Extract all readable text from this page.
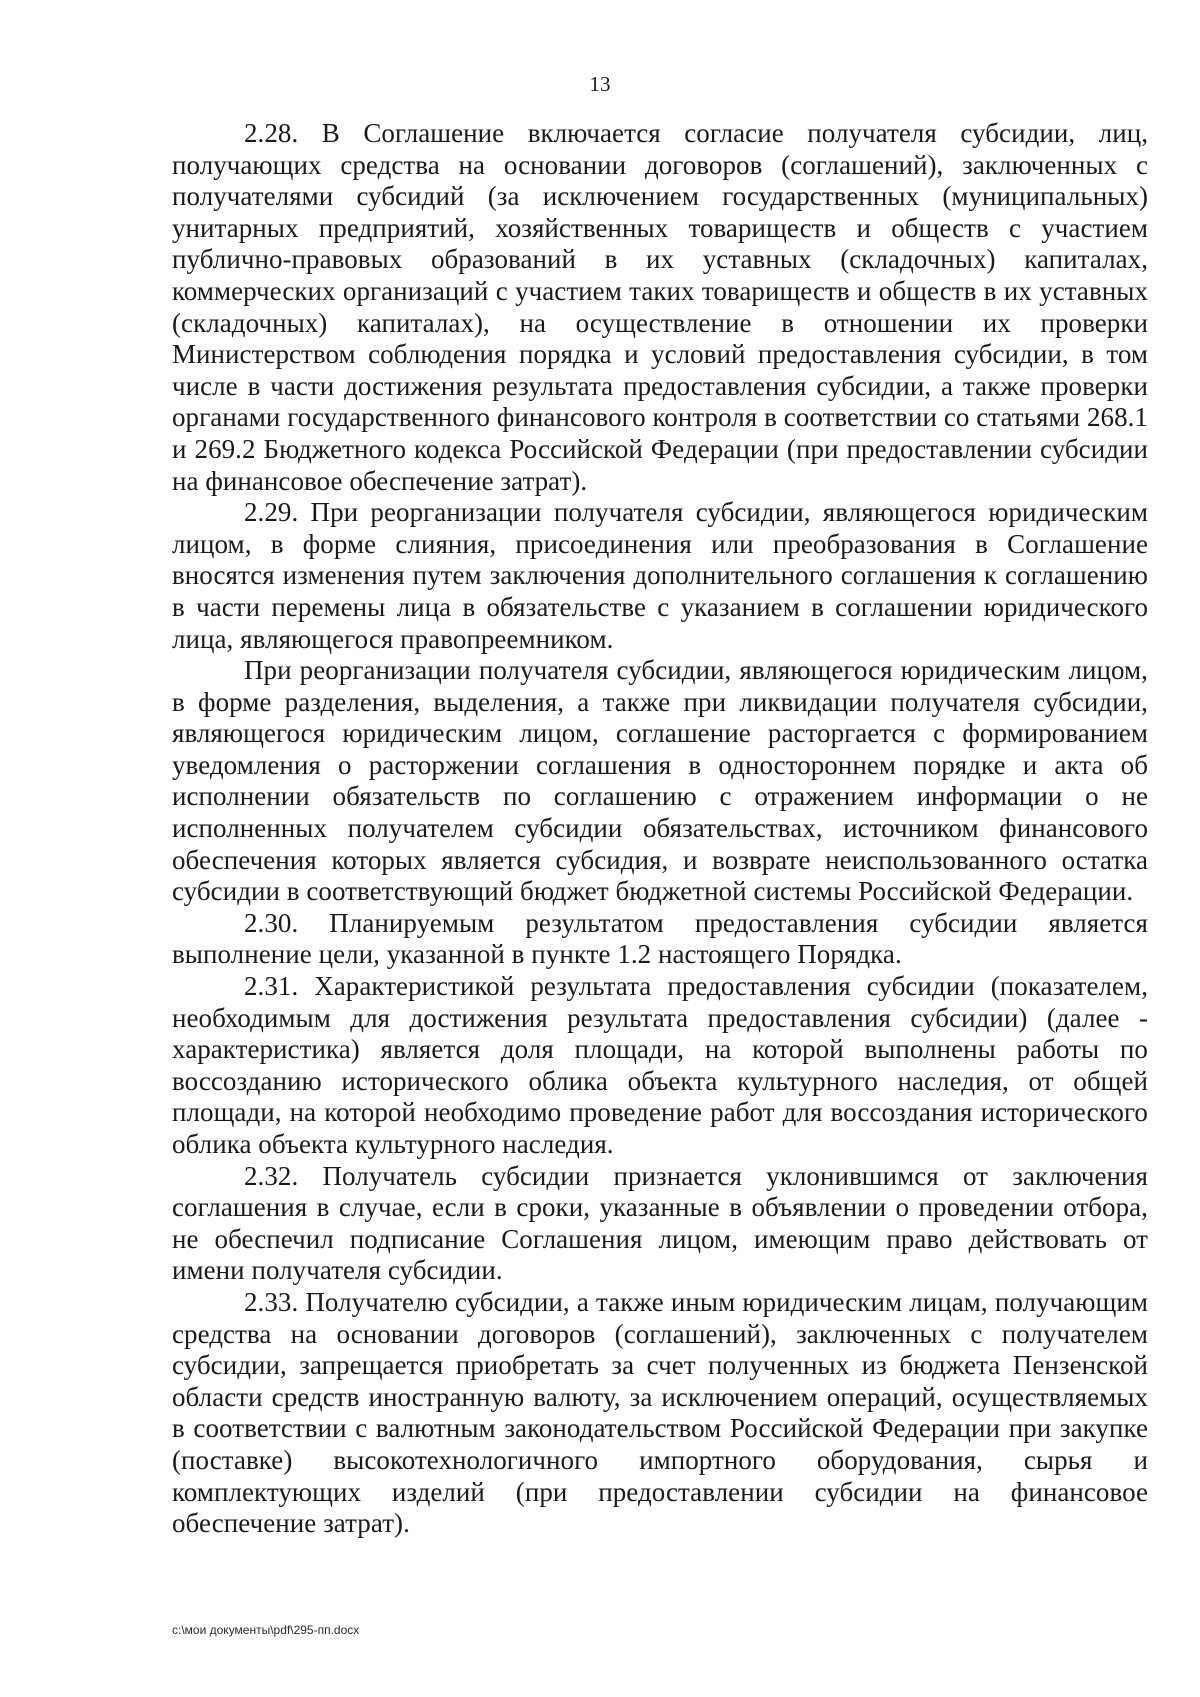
13

2.28. В Соглашение включается согласие получателя субсидии, лиц, получающих средства на основании договоров (соглашений), заключенных с получателями субсидий (за исключением государственных (муниципальных) унитарных предприятий, хозяйственных товариществ и обществ с участием публично-правовых образований в их уставных (складочных) капиталах, коммерческих организаций с участием таких товариществ и обществ в их уставных (складочных) капиталах), на осуществление в отношении их проверки Министерством соблюдения порядка и условий предоставления субсидии, в том числе в части достижения результата предоставления субсидии, а также проверки органами государственного финансового контроля в соответствии со статьями 268.1 и 269.2 Бюджетного кодекса Российской Федерации (при предоставлении субсидии на финансовое обеспечение затрат).

2.29. При реорганизации получателя субсидии, являющегося юридическим лицом, в форме слияния, присоединения или преобразования в Соглашение вносятся изменения путем заключения дополнительного соглашения к соглашению в части перемены лица в обязательстве с указанием в соглашении юридического лица, являющегося правопреемником.

При реорганизации получателя субсидии, являющегося юридическим лицом, в форме разделения, выделения, а также при ликвидации получателя субсидии, являющегося юридическим лицом, соглашение расторгается с формированием уведомления о расторжении соглашения в одностороннем порядке и акта об исполнении обязательств по соглашению с отражением информации о не исполненных получателем субсидии обязательствах, источником финансового обеспечения которых является субсидия, и возврате неиспользованного остатка субсидии в соответствующий бюджет бюджетной системы Российской Федерации.

2.30. Планируемым результатом предоставления субсидии является выполнение цели, указанной в пункте 1.2 настоящего Порядка.

2.31. Характеристикой результата предоставления субсидии (показателем, необходимым для достижения результата предоставления субсидии) (далее - характеристика) является доля площади, на которой выполнены работы по воссозданию исторического облика объекта культурного наследия, от общей площади, на которой необходимо проведение работ для воссоздания исторического облика объекта культурного наследия.

2.32. Получатель субсидии признается уклонившимся от заключения соглашения в случае, если в сроки, указанные в объявлении о проведении отбора, не обеспечил подписание Соглашения лицом, имеющим право действовать от имени получателя субсидии.

2.33. Получателю субсидии, а также иным юридическим лицам, получающим средства на основании договоров (соглашений), заключенных с получателем субсидии, запрещается приобретать за счет полученных из бюджета Пензенской области средств иностранную валюту, за исключением операций, осуществляемых в соответствии с валютным законодательством Российской Федерации при закупке (поставке) высокотехнологичного импортного оборудования, сырья и комплектующих изделий (при предоставлении субсидии на финансовое обеспечение затрат).

c:\мои документы\pdf\295-пп.docx
